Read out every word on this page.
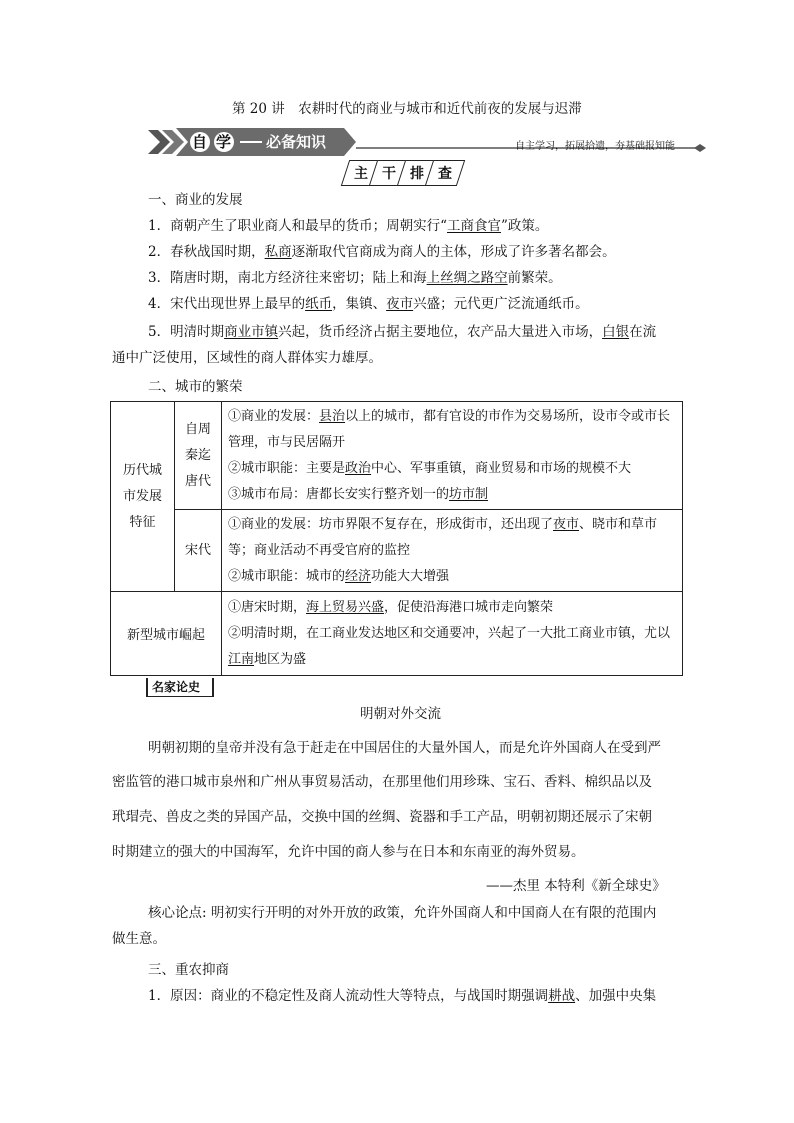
第 20 讲　农耕时代的商业与城市和近代前夜的发展与迟滞
自 学 必备知识	自主学习，拓展拾遗，夯基础报知能
主	干	排	查
一、商业的发展
1．商朝产生了职业商人和最早的货币；周朝实行“工商食官”政策。
2．春秋战国时期，私商逐渐取代官商成为商人的主体，形成了许多著名都会。
3．隋唐时期，南北方经济往来密切；陆上和海上丝绸之路空前繁荣。
4．宋代出现世界上最早的纸币，集镇、夜市兴盛；元代更广泛流通纸币。
5．明清时期商业市镇兴起，货币经济占据主要地位，农产品大量进入市场，白银在流
通中广泛使用，区域性的商人群体实力雄厚。
二、城市的繁荣
历代城市发展特征	自周秦迄唐代	①商业的发展：县治以上的城市，都有官设的市作为交易场所，设市令或市长管理，市与民居隔开
②城市职能：主要是政治中心、军事重镇，商业贸易和市场的规模不大
③城市布局：唐都长安实行整齐划一的坊市制

	宋代	①商业的发展：坊市界限不复存在，形成街市，还出现了夜市、晓市和草市等；商业活动不再受官府的监控
②城市职能：城市的经济功能大大增强

新型城市崛起		①唐宋时期，海上贸易兴盛，促使沿海港口城市走向繁荣
②明清时期，在工商业发达地区和交通要冲，兴起了一大批工商业市镇，尤以江南地区为盛
名家论史
明朝对外交流
明朝初期的皇帝并没有急于赶走在中国居住的大量外国人，而是允许外国商人在受到严
密监管的港口城市泉州和广州从事贸易活动，在那里他们用珍珠、宝石、香料、棉织品以及
玳瑁壳、兽皮之类的异国产品，交换中国的丝绸、瓷器和手工产品，明朝初期还展示了宋朝
时期建立的强大的中国海军，允许中国的商人参与在日本和东南亚的海外贸易。
——杰里 本特利《新全球史》
核心论点: 明初实行开明的对外开放的政策，允许外国商人和中国商人在有限的范围内
做生意。
三、重农抑商
1．原因：商业的不稳定性及商人流动性大等特点，与战国时期强调耕战、加强中央集
